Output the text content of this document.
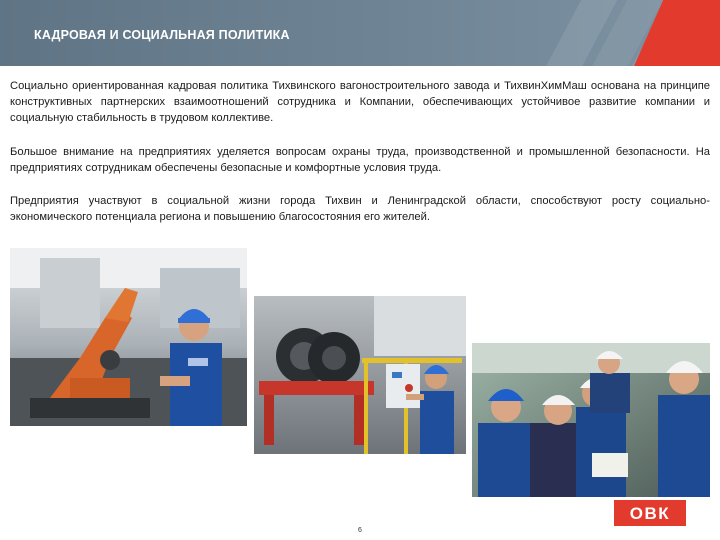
КАДРОВАЯ И СОЦИАЛЬНАЯ ПОЛИТИКА

Социально ориентированная кадровая политика Тихвинского вагоностроительного завода и ТихвинХимМаш основана на принципе конструктивных партнерских взаимоотношений сотрудника и Компании, обеспечивающих устойчивое развитие компании и социальную стабильность в трудовом коллективе.

Большое внимание на предприятиях уделяется вопросам охраны труда, производственной и промышленной безопасности. На предприятиях сотрудникам обеспечены безопасные и комфортные условия труда.

Предприятия участвуют в социальной жизни города Тихвин и Ленинградской области, способствуют росту социально-экономического потенциала региона и повышению благосостояния его жителей.

6
ОВК
